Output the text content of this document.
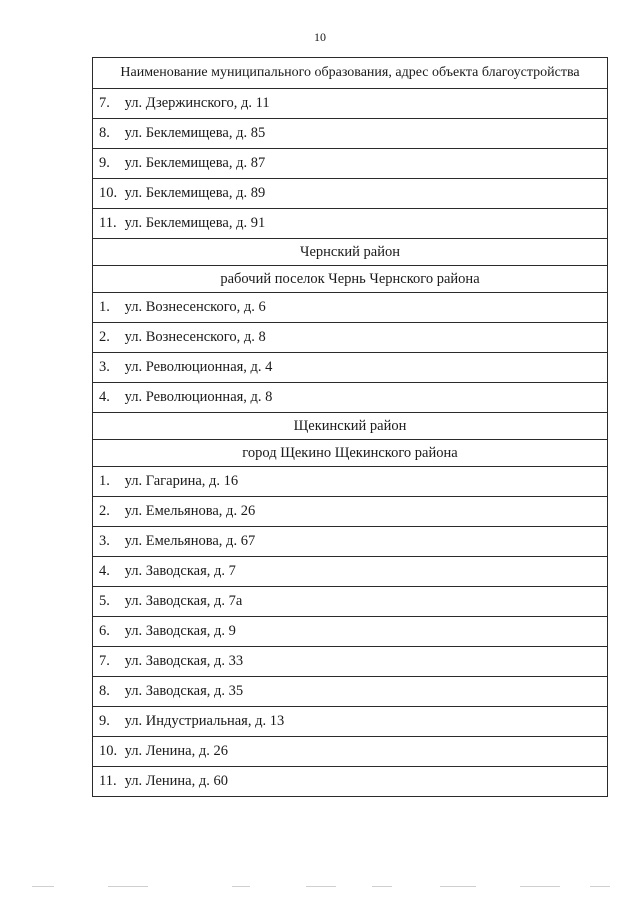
10
Наименование муниципального образования, адрес объекта благоустройства
7. ул. Дзержинского, д. 11
8. ул. Беклемищева, д. 85
9. ул. Беклемищева, д. 87
10. ул. Беклемищева, д. 89
11. ул. Беклемищева, д. 91
Чернский район
рабочий поселок Чернь Чернского района
1. ул. Вознесенского, д. 6
2. ул. Вознесенского, д. 8
3. ул. Революционная, д. 4
4. ул. Революционная, д. 8
Щекинский район
город Щекино Щекинского района
1. ул. Гагарина, д. 16
2. ул. Емельянова, д. 26
3. ул. Емельянова, д. 67
4. ул. Заводская, д. 7
5. ул. Заводская, д. 7а
6. ул. Заводская, д. 9
7. ул. Заводская, д. 33
8. ул. Заводская, д. 35
9. ул. Индустриальная, д. 13
10. ул. Ленина, д. 26
11. ул. Ленина, д. 60
